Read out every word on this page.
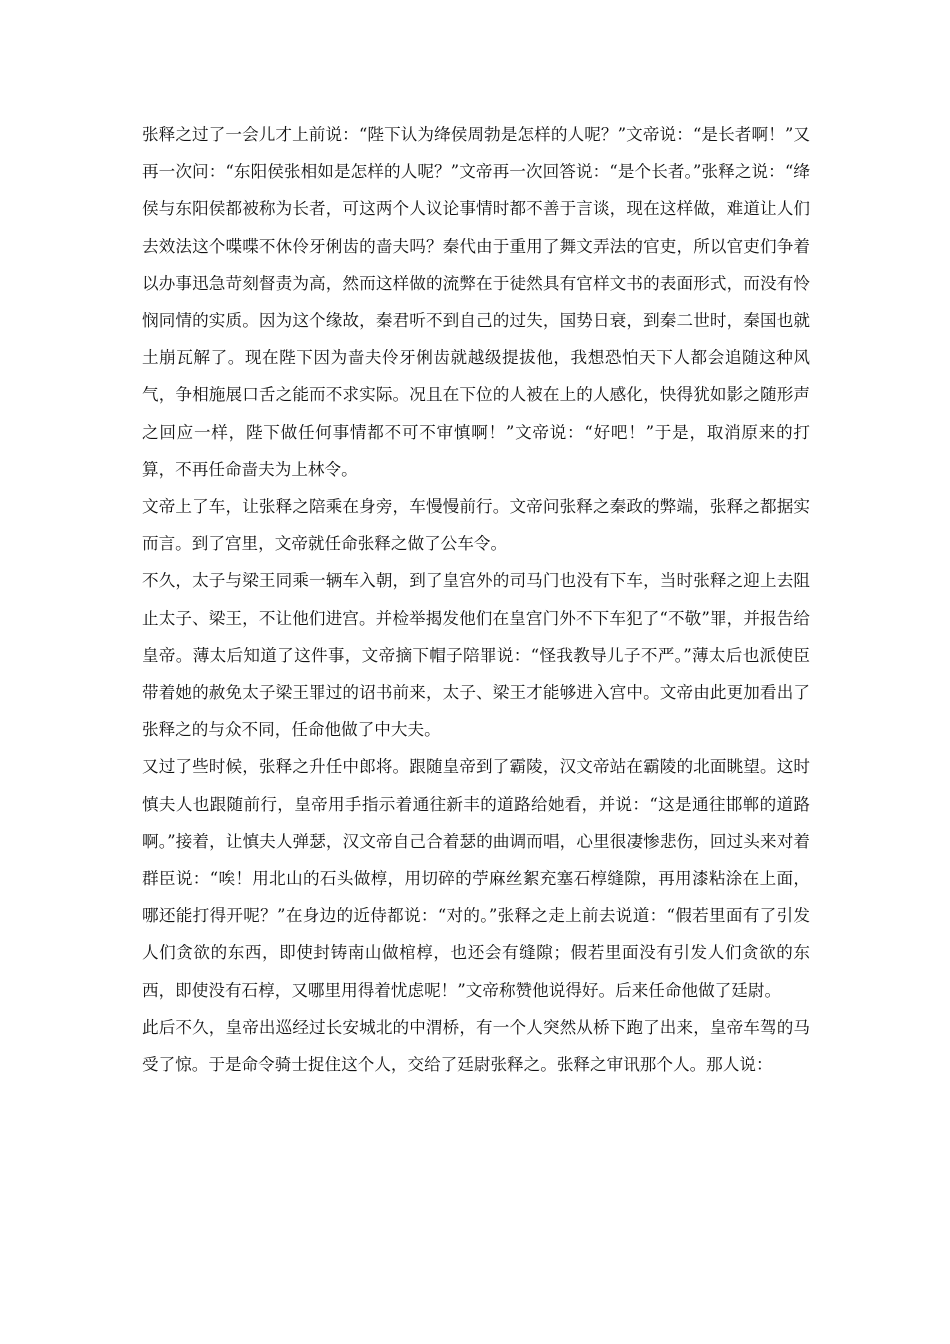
张释之过了一会儿才上前说：“陛下认为绛侯周勃是怎样的人呢？”文帝说：“是长者啊！”又再一次问：“东阳侯张相如是怎样的人呢？”文帝再一次回答说：“是个长者。”张释之说：“绛侯与东阳侯都被称为长者，可这两个人议论事情时都不善于言谈，现在这样做，难道让人们去效法这个喋喋不休伶牙俐齿的啬夫吗？秦代由于重用了舞文弄法的官吏，所以官吏们争着以办事迅急苛刻督责为高，然而这样做的流弊在于徒然具有官样文书的表面形式，而没有怜悯同情的实质。因为这个缘故，秦君听不到自己的过失，国势日衰，到秦二世时，秦国也就土崩瓦解了。现在陛下因为啬夫伶牙俐齿就越级提拔他，我想恐怕天下人都会追随这种风气，争相施展口舌之能而不求实际。况且在下位的人被在上的人感化，快得犹如影之随形声之回应一样，陛下做任何事情都不可不审慎啊！”文帝说：“好吧！”于是，取消原来的打算，不再任命啬夫为上林令。

文帝上了车，让张释之陪乘在身旁，车慢慢前行。文帝问张释之秦政的弊端，张释之都据实而言。到了宫里，文帝就任命张释之做了公车令。

不久，太子与梁王同乘一辆车入朝，到了皇宫外的司马门也没有下车，当时张释之迎上去阻止太子、梁王，不让他们进宫。并检举揭发他们在皇宫门外不下车犯了“不敬”罪，并报告给皇帝。薄太后知道了这件事，文帝摘下帽子陪罪说：“怪我教导儿子不严。”薄太后也派使臣带着她的赦免太子梁王罪过的诏书前来，太子、梁王才能够进入宫中。文帝由此更加看出了张释之的与众不同，任命他做了中大夫。

又过了些时候，张释之升任中郎将。跟随皇帝到了霸陵，汉文帝站在霸陵的北面眺望。这时慎夫人也跟随前行，皇帝用手指示着通往新丰的道路给她看，并说：“这是通往邯郸的道路啊。”接着，让慎夫人弹瑟，汉文帝自己合着瑟的曲调而唱，心里很凄惨悲伤，回过头来对着群臣说：“唉！用北山的石头做椁，用切碎的苧麻丝絮充塞石椁缝隙，再用漆粘涂在上面，哪还能打得开呢？”在身边的近侍都说：“对的。”张释之走上前去说道：“假若里面有了引发人们贪欲的东西，即使封铸南山做棺椁，也还会有缝隙；假若里面没有引发人们贪欲的东西，即使没有石椁，又哪里用得着忧虑呢！”文帝称赞他说得好。后来任命他做了廷尉。

此后不久，皇帝出巡经过长安城北的中渭桥，有一个人突然从桥下跑了出来，皇帝车驾的马受了惊。于是命令骑士捉住这个人，交给了廷尉张释之。张释之审讯那个人。那人说：
